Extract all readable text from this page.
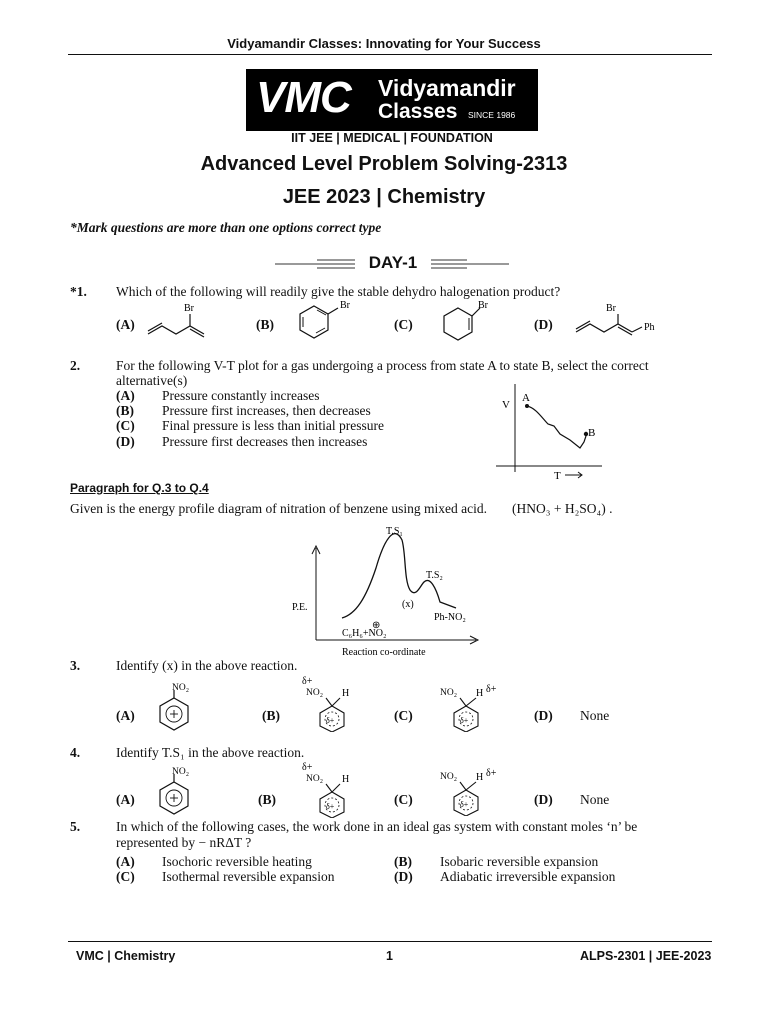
Vidyamandir Classes: Innovating for Your Success
VMC Vidyamandir
Classes SINCE 1986
IIT JEE | MEDICAL | FOUNDATION
Advanced Level Problem Solving-2313
JEE 2023 | Chemistry
*Mark questions are more than one options correct type
DAY-1
*1. Which of the following will readily give the stable dehydro halogenation product?
(A)
Br
(B)
Br
(C)
Br
(D)
Br
Ph
2.	For the following V-T plot for a gas undergoing a process from state A to state B, select the correct
alternative(s)
(A) Pressure constantly increases
(B) Pressure first increases, then decreases
(C) Final pressure is less than initial pressure
(D) Pressure first decreases then increases
V
A
B
T
Paragraph for Q.3 to Q.4
Given is the energy profile diagram of nitration of benzene using mixed acid. (HNO₃ + H₂SO₄) .
T.S₁
T.S₂
(x)
P.E.
Ph-NO₂
⊕
C₆H₆+NO₂
Reaction co-ordinate
3.	Identify (x) in the above reaction.
(A)
NO₂
(B)
δ+
NO₂ H
δ+	(C)
NO₂ H δ+
δ+	(D) None
4.	Identify T.S₁ in the above reaction.
(A)
NO₂
(B)
δ+
NO₂ H
δ+	(C)
NO₂ H δ+
δ+	(D) None
5.	In which of the following cases, the work done in an ideal gas system with constant moles ‘n’ be
represented by − nRΔT ?
(A) Isochoric reversible heating	(B) Isobaric reversible expansion
(C) Isothermal reversible expansion	(D) Adiabatic irreversible expansion
VMC | Chemistry	1	ALPS-2301 | JEE-2023
